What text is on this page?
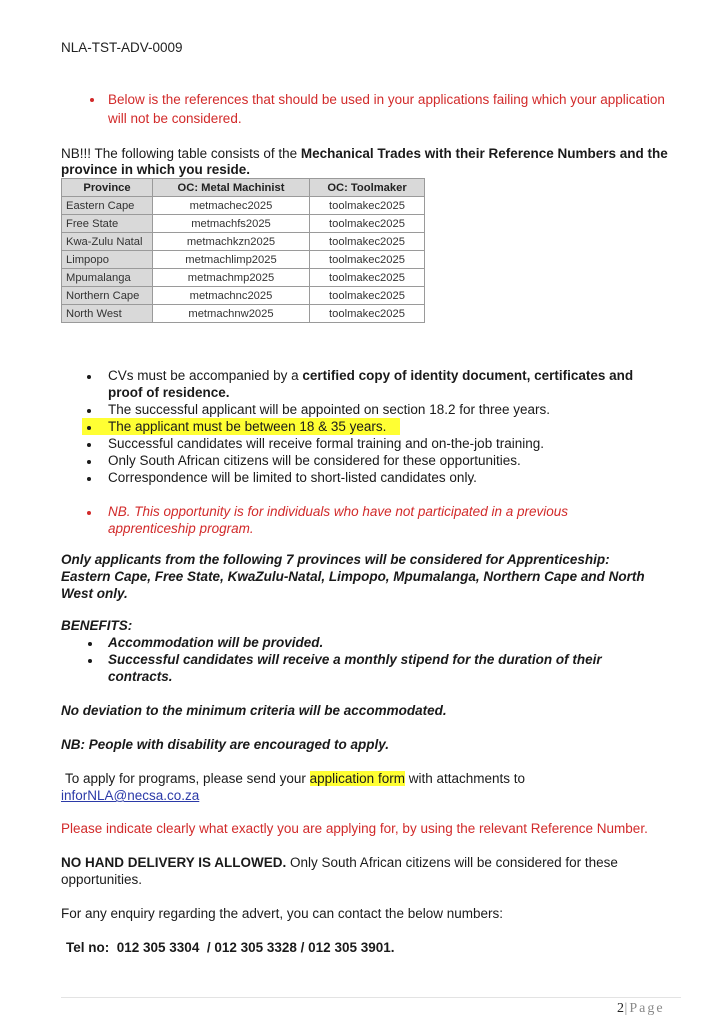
NLA-TST-ADV-0009
Below is the references that should be used in your applications failing which your application will not be considered.
NB!!! The following table consists of the Mechanical Trades with their Reference Numbers and the province in which you reside.
Province	OC: Metal Machinist	OC: Toolmaker
Eastern Cape	metmachec2025	toolmakec2025
Free State	metmachfs2025	toolmakec2025
Kwa-Zulu Natal	metmachkzn2025	toolmakec2025
Limpopo	metmachlimp2025	toolmakec2025
Mpumalanga	metmachmp2025	toolmakec2025
Northern Cape	metmachnc2025	toolmakec2025
North West	metmachnw2025	toolmakec2025
CVs must be accompanied by a certified copy of identity document, certificates and
proof of residence.
The successful applicant will be appointed on section 18.2 for three years.
The applicant must be between 18 & 35 years.
Successful candidates will receive formal training and on-the-job training.
Only South African citizens will be considered for these opportunities.
Correspondence will be limited to short-listed candidates only.
NB. This opportunity is for individuals who have not participated in a previous
apprenticeship program.
Only applicants from the following 7 provinces will be considered for Apprenticeship:
Eastern Cape, Free State, KwaZulu-Natal, Limpopo, Mpumalanga, Northern Cape and North
West only.
BENEFITS:
Accommodation will be provided.
Successful candidates will receive a monthly stipend for the duration of their
contracts.
No deviation to the minimum criteria will be accommodated.
NB: People with disability are encouraged to apply.
To apply for programs, please send your application form with attachments to
inforNLA@necsa.co.za
Please indicate clearly what exactly you are applying for, by using the relevant Reference Number.
NO HAND DELIVERY IS ALLOWED. Only South African citizens will be considered for these
opportunities.
For any enquiry regarding the advert, you can contact the below numbers:
Tel no:  012 305 3304  / 012 305 3328 / 012 305 3901.
2|Page
